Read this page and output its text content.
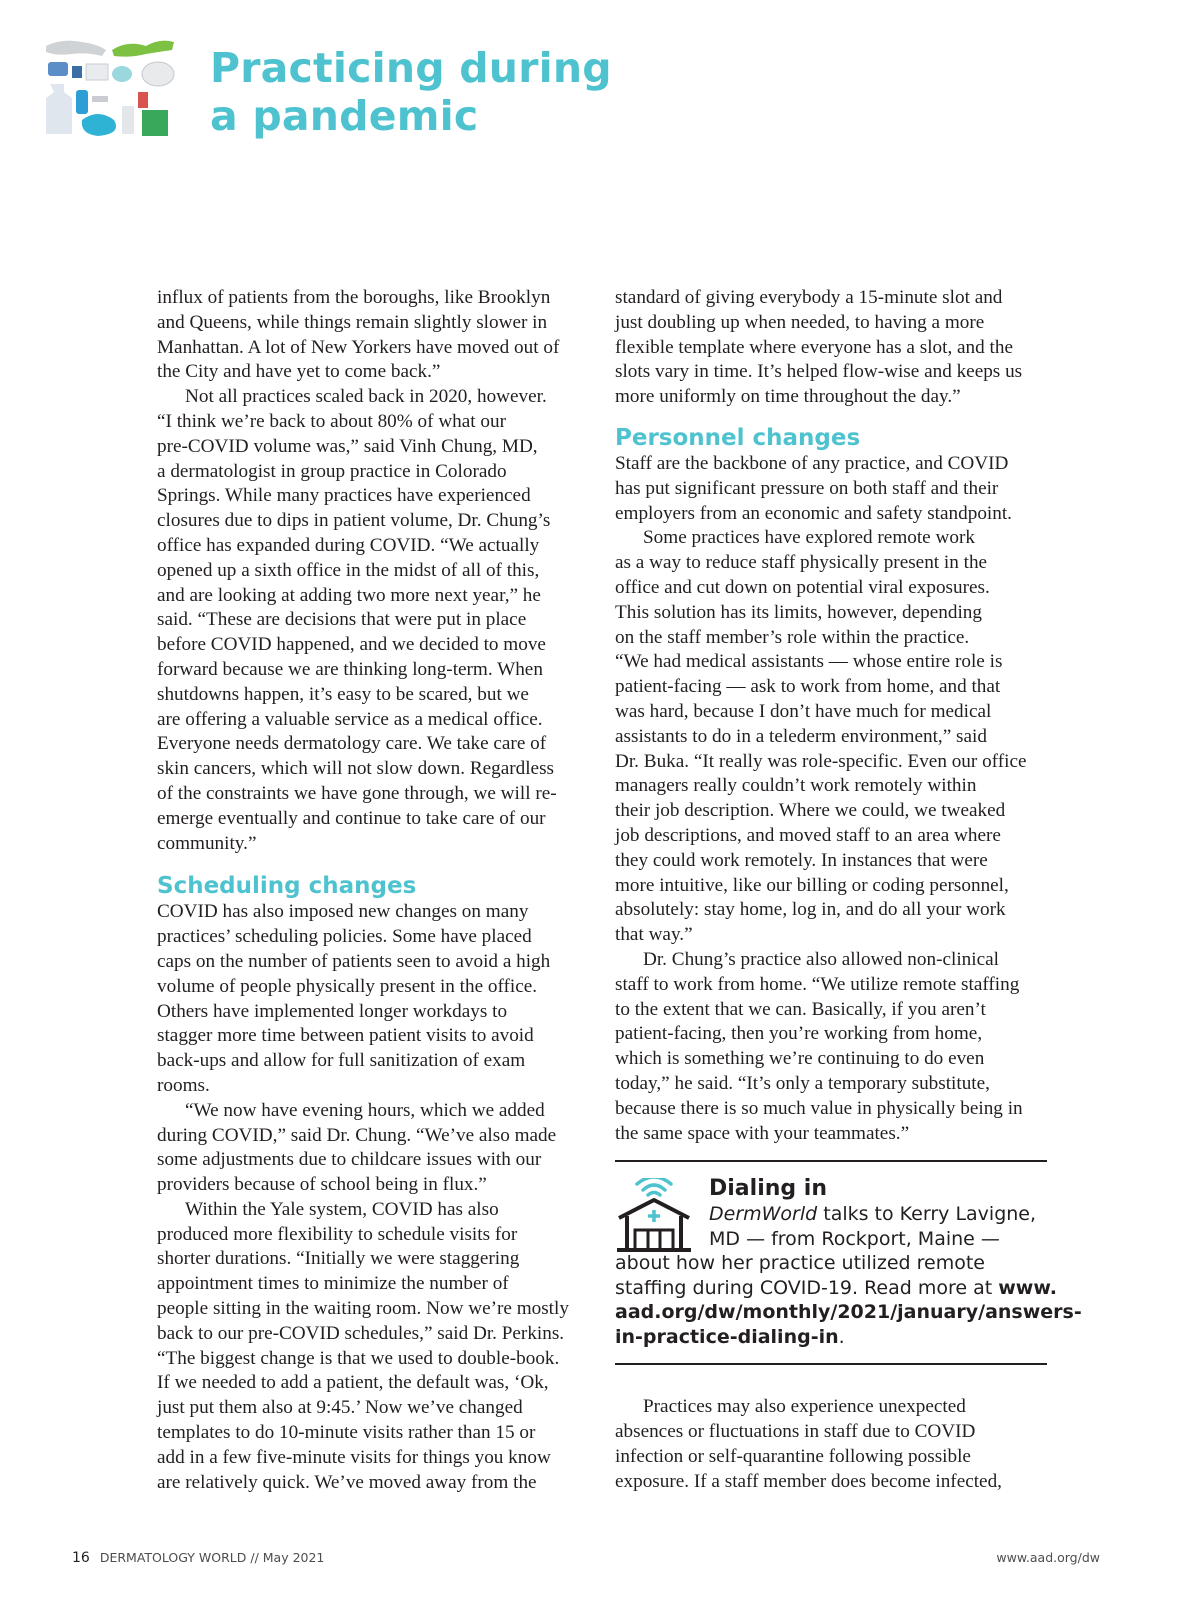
Practicing during
a pandemic
influx of patients from the boroughs, like Brooklyn
and Queens, while things remain slightly slower in
Manhattan. A lot of New Yorkers have moved out of
the City and have yet to come back.”
Not all practices scaled back in 2020, however.
“I think we’re back to about 80% of what our
pre-COVID volume was,” said Vinh Chung, MD,
a dermatologist in group practice in Colorado
Springs. While many practices have experienced
closures due to dips in patient volume, Dr. Chung’s
office has expanded during COVID. “We actually
opened up a sixth office in the midst of all of this,
and are looking at adding two more next year,” he
said. “These are decisions that were put in place
before COVID happened, and we decided to move
forward because we are thinking long-term. When
shutdowns happen, it’s easy to be scared, but we
are offering a valuable service as a medical office.
Everyone needs dermatology care. We take care of
skin cancers, which will not slow down. Regardless
of the constraints we have gone through, we will re-
emerge eventually and continue to take care of our
community.”
Scheduling changes
COVID has also imposed new changes on many
practices’ scheduling policies. Some have placed
caps on the number of patients seen to avoid a high
volume of people physically present in the office.
Others have implemented longer workdays to
stagger more time between patient visits to avoid
back-ups and allow for full sanitization of exam
rooms.
“We now have evening hours, which we added
during COVID,” said Dr. Chung. “We’ve also made
some adjustments due to childcare issues with our
providers because of school being in flux.”
Within the Yale system, COVID has also
produced more flexibility to schedule visits for
shorter durations. “Initially we were staggering
appointment times to minimize the number of
people sitting in the waiting room. Now we’re mostly
back to our pre-COVID schedules,” said Dr. Perkins.
“The biggest change is that we used to double-book.
If we needed to add a patient, the default was, ‘Ok,
just put them also at 9:45.’ Now we’ve changed
templates to do 10-minute visits rather than 15 or
add in a few five-minute visits for things you know
are relatively quick. We’ve moved away from the
standard of giving everybody a 15-minute slot and
just doubling up when needed, to having a more
flexible template where everyone has a slot, and the
slots vary in time. It’s helped flow-wise and keeps us
more uniformly on time throughout the day.”
Personnel changes
Staff are the backbone of any practice, and COVID
has put significant pressure on both staff and their
employers from an economic and safety standpoint.
Some practices have explored remote work
as a way to reduce staff physically present in the
office and cut down on potential viral exposures.
This solution has its limits, however, depending
on the staff member’s role within the practice.
“We had medical assistants — whose entire role is
patient-facing — ask to work from home, and that
was hard, because I don’t have much for medical
assistants to do in a telederm environment,” said
Dr. Buka. “It really was role-specific. Even our office
managers really couldn’t work remotely within
their job description. Where we could, we tweaked
job descriptions, and moved staff to an area where
they could work remotely. In instances that were
more intuitive, like our billing or coding personnel,
absolutely: stay home, log in, and do all your work
that way.”
Dr. Chung’s practice also allowed non-clinical
staff to work from home. “We utilize remote staffing
to the extent that we can. Basically, if you aren’t
patient-facing, then you’re working from home,
which is something we’re continuing to do even
today,” he said. “It’s only a temporary substitute,
because there is so much value in physically being in
the same space with your teammates.”
Dialing in
DermWorld talks to Kerry Lavigne,
MD — from Rockport, Maine —
about how her practice utilized remote
staffing during COVID-19. Read more at www.
aad.org/dw/monthly/2021/january/answers-
in-practice-dialing-in.
Practices may also experience unexpected
absences or fluctuations in staff due to COVID
infection or self-quarantine following possible
exposure. If a staff member does become infected,
16 DERMATOLOGY WORLD // May 2021	www.aad.org/dw
